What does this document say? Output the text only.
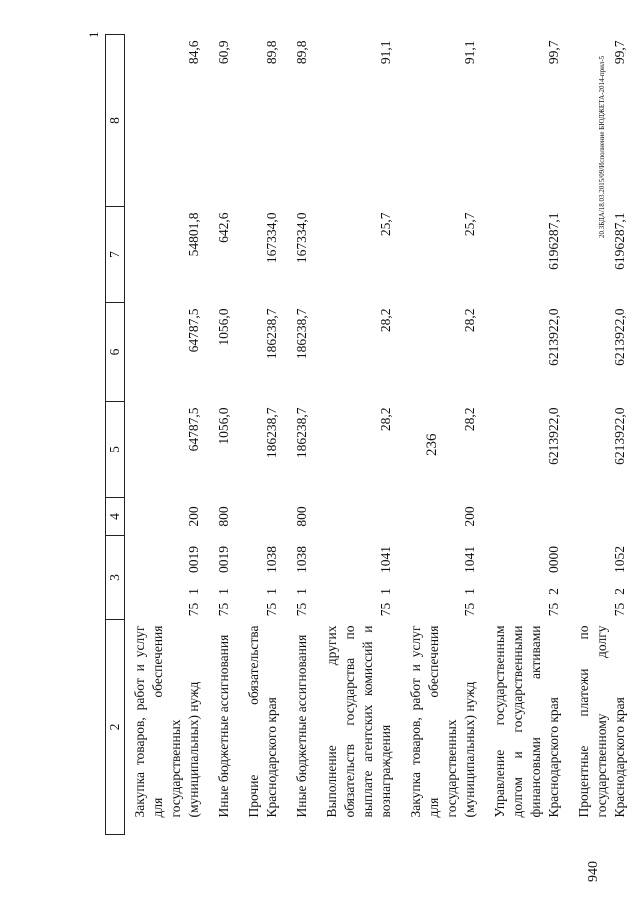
2		3			4	5	6	7	8
	Закупка товаров, работ и услуг для обеспечения государственных (муниципальных) нужд	75	1	0019	200	64787,5	64787,5	54801,8	84,6
	Иные бюджетные ассигнования	75	1	0019	800	1056,0	1056,0	642,6	60,9
	Прочие обязательства Краснодарского края	75	1	1038		186238,7	186238,7	167334,0	89,8
	Иные бюджетные ассигнования	75	1	1038	800	186238,7	186238,7	167334,0	89,8
	Выполнение других обязательств государства по выплате агентских комиссий и вознаграждения	75	1	1041		28,2	28,2	25,7	91,1
	Закупка товаров, работ и услуг для обеспечения государственных (муниципальных) нужд	75	1	1041	200	28,2	28,2	25,7	91,1
	Управление государственным долгом и государственными финансовыми активами Краснодарского края	75	2	0000		6213922,0	6213922,0	6196287,1	99,7
	Процентные платежи по государственному долгу Краснодарского края	75	2	1052		6213922,0	6213922,0	6196287,1	99,7
1
236
940
20.ЗБДА/18.03.2015/09/Исполнение БЮДЖЕТА-2014-прил-5
